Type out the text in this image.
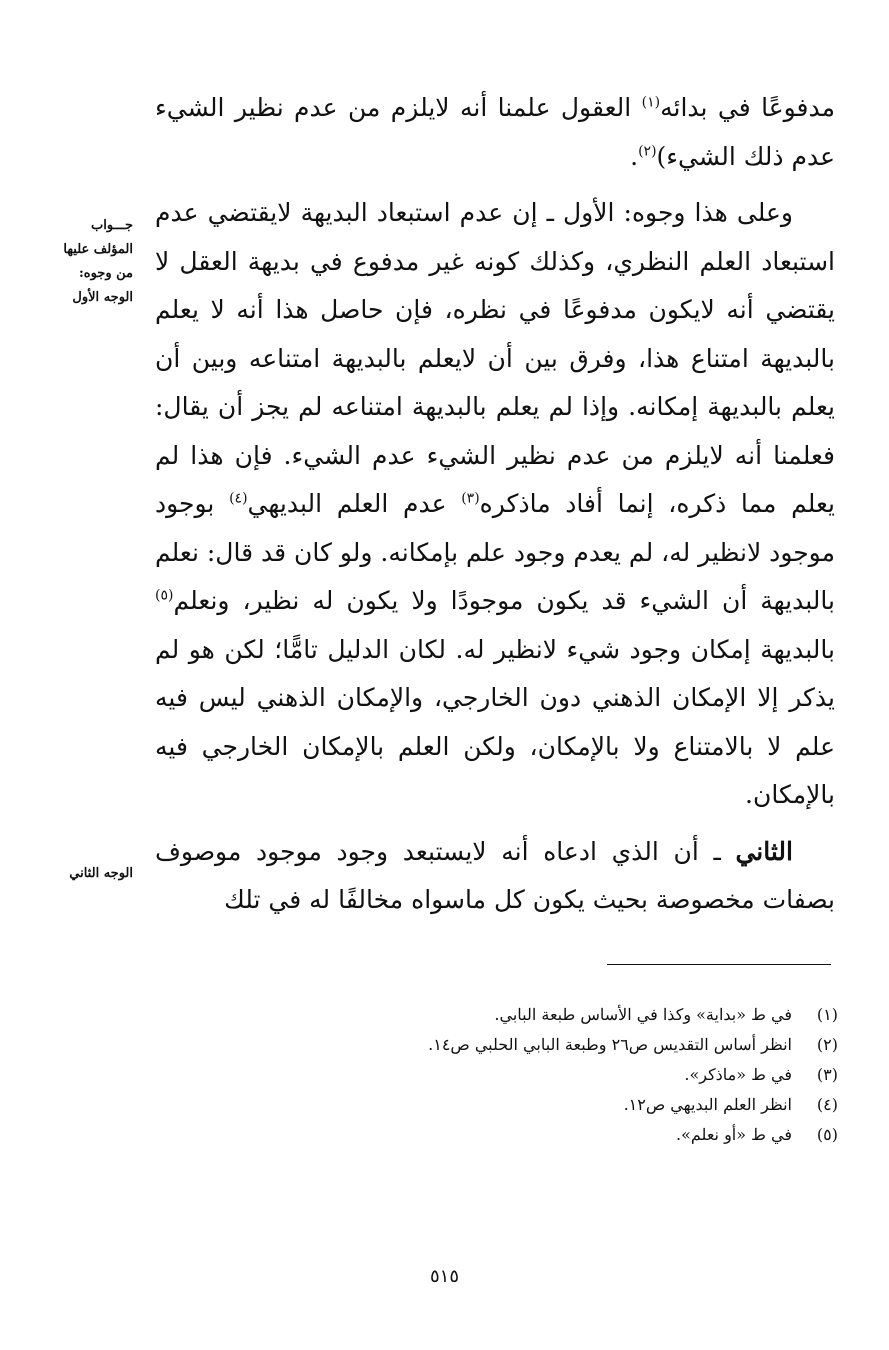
مدفوعًا في بدائه$^{(١)}$ العقول علمنا أنه لايلزم من عدم نظير الشيء عدم ذلك الشيء)$^{(٢)}$.

وعلى هذا وجوه: الأول ـ إن عدم استبعاد البديهة لايقتضي عدم استبعاد العلم النظري، وكذلك كونه غير مدفوع في بديهة العقل لا يقتضي أنه لايكون مدفوعًا في نظره، فإن حاصل هذا أنه لا يعلم بالبديهة امتناع هذا، وفرق بين أن لايعلم بالبديهة امتناعه وبين أن يعلم بالبديهة إمكانه. وإذا لم يعلم بالبديهة امتناعه لم يجز أن يقال: فعلمنا أنه لايلزم من عدم نظير الشيء عدم الشيء. فإن هذا لم يعلم مما ذكره، إنما أفاد ماذكره$^{(٣)}$ عدم العلم البديهي$^{(٤)}$ بوجود موجود لانظير له، لم يعدم وجود علم بإمكانه. ولو كان قد قال: نعلم بالبديهة أن الشيء قد يكون موجودًا ولا يكون له نظير، ونعلم$^{(٥)}$ بالبديهة إمكان وجود شيء لانظير له. لكان الدليل تامًّا؛ لكن هو لم يذكر إلا الإمكان الذهني دون الخارجي، والإمكان الذهني ليس فيه علم لا بالامتناع ولا بالإمكان، ولكن العلم بالإمكان الخارجي فيه بالإمكان.

الثاني ـ أن الذي ادعاه أنه لايستبعد وجود موجود موصوف بصفات مخصوصة بحيث يكون كل ماسواه مخالفًا له في تلك

جـــواب
المؤلف عليها
من وجوه:
الوجه الأول
الوجه الثاني
(١)في ط «بداية» وكذا في الأساس طبعة البابي.
(٢)انظر أساس التقديس ص٢٦ وطبعة البابي الحلبي ص١٤.
(٣)في ط «ماذكر».
(٤)انظر العلم البديهي ص١٢.
(٥)في ط «أو نعلم».
٥١٥
